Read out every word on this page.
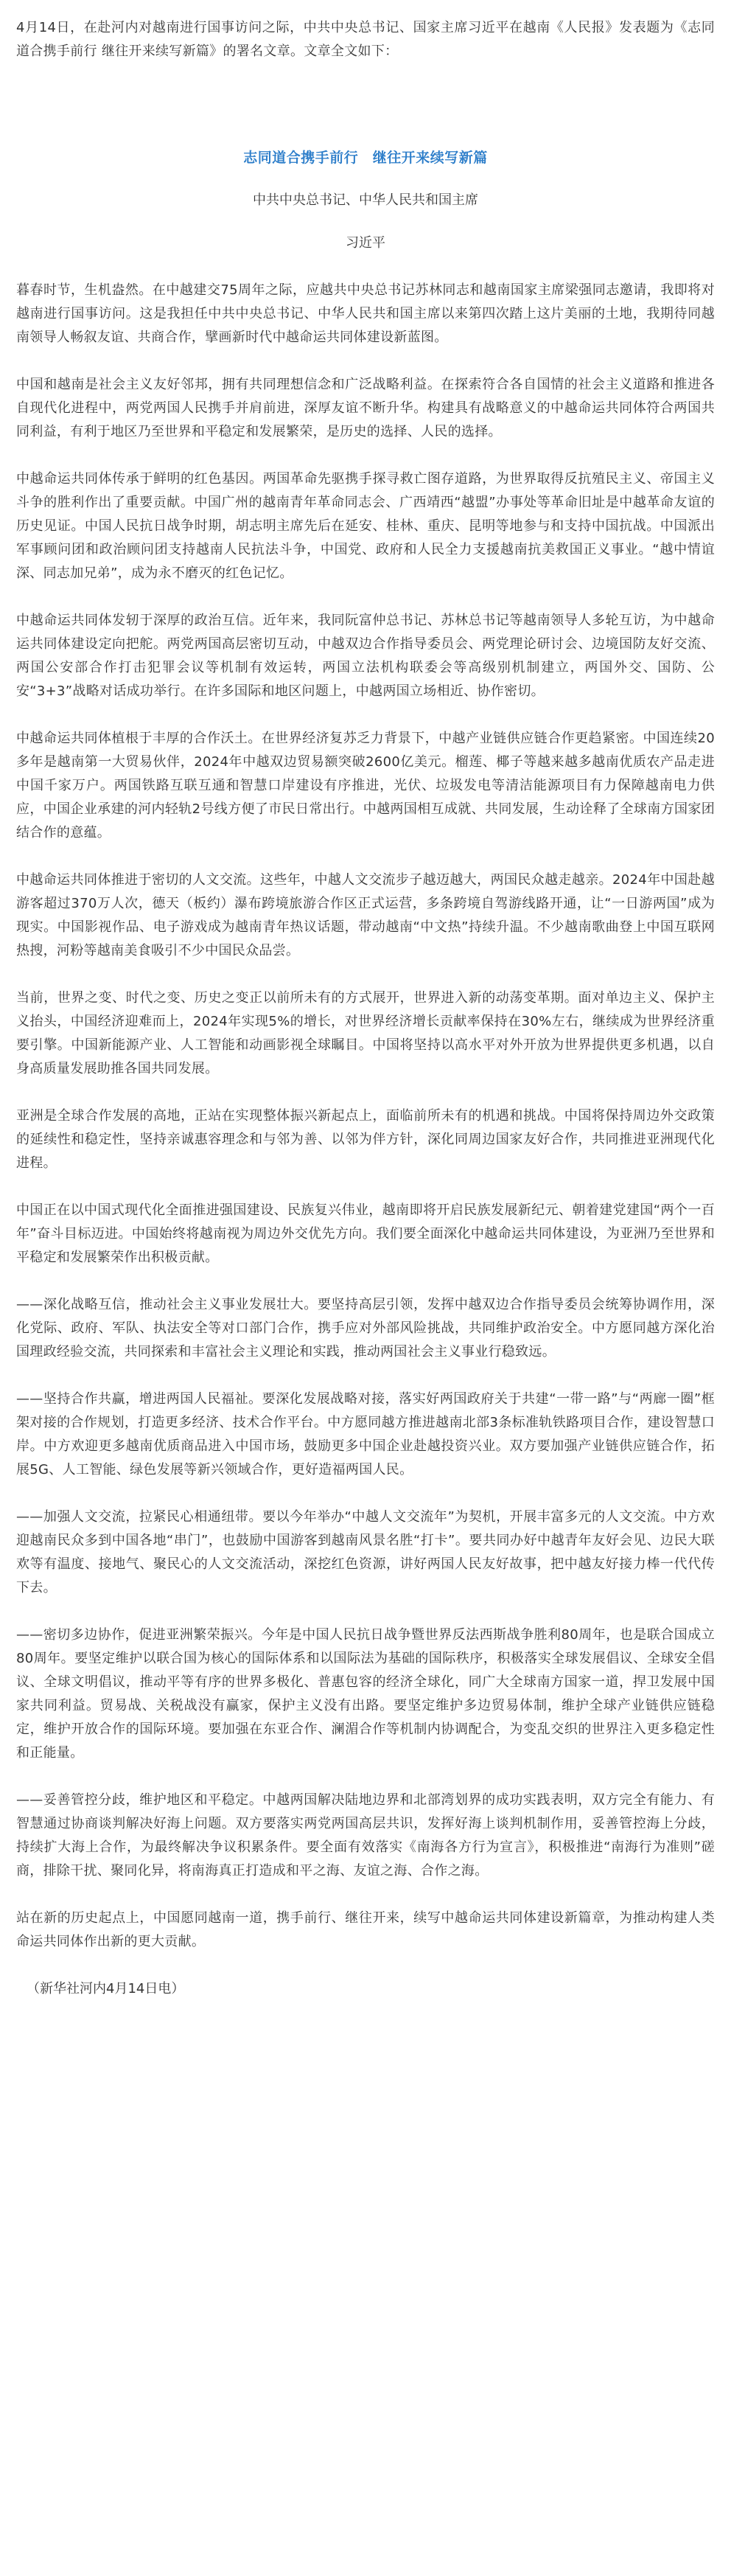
4月14日，在赴河内对越南进行国事访问之际，中共中央总书记、国家主席习近平在越南《人民报》发表题为《志同道合携手前行 继往开来续写新篇》的署名文章。文章全文如下：

志同道合携手前行　继往开来续写新篇
中共中央总书记、中华人民共和国主席
习近平

暮春时节，生机盎然。在中越建交75周年之际，应越共中央总书记苏林同志和越南国家主席梁强同志邀请，我即将对越南进行国事访问。这是我担任中共中央总书记、中华人民共和国主席以来第四次踏上这片美丽的土地，我期待同越南领导人畅叙友谊、共商合作，擘画新时代中越命运共同体建设新蓝图。

中国和越南是社会主义友好邻邦，拥有共同理想信念和广泛战略利益。在探索符合各自国情的社会主义道路和推进各自现代化进程中，两党两国人民携手并肩前进，深厚友谊不断升华。构建具有战略意义的中越命运共同体符合两国共同利益，有利于地区乃至世界和平稳定和发展繁荣，是历史的选择、人民的选择。

中越命运共同体传承于鲜明的红色基因。两国革命先驱携手探寻救亡图存道路，为世界取得反抗殖民主义、帝国主义斗争的胜利作出了重要贡献。中国广州的越南青年革命同志会、广西靖西“越盟”办事处等革命旧址是中越革命友谊的历史见证。中国人民抗日战争时期，胡志明主席先后在延安、桂林、重庆、昆明等地参与和支持中国抗战。中国派出军事顾问团和政治顾问团支持越南人民抗法斗争，中国党、政府和人民全力支援越南抗美救国正义事业。“越中情谊深、同志加兄弟”，成为永不磨灭的红色记忆。

中越命运共同体发轫于深厚的政治互信。近年来，我同阮富仲总书记、苏林总书记等越南领导人多轮互访，为中越命运共同体建设定向把舵。两党两国高层密切互动，中越双边合作指导委员会、两党理论研讨会、边境国防友好交流、两国公安部合作打击犯罪会议等机制有效运转，两国立法机构联委会等高级别机制建立，两国外交、国防、公安“3+3”战略对话成功举行。在许多国际和地区问题上，中越两国立场相近、协作密切。

中越命运共同体植根于丰厚的合作沃土。在世界经济复苏乏力背景下，中越产业链供应链合作更趋紧密。中国连续20多年是越南第一大贸易伙伴，2024年中越双边贸易额突破2600亿美元。榴莲、椰子等越来越多越南优质农产品走进中国千家万户。两国铁路互联互通和智慧口岸建设有序推进，光伏、垃圾发电等清洁能源项目有力保障越南电力供应，中国企业承建的河内轻轨2号线方便了市民日常出行。中越两国相互成就、共同发展，生动诠释了全球南方国家团结合作的意蕴。

中越命运共同体推进于密切的人文交流。这些年，中越人文交流步子越迈越大，两国民众越走越亲。2024年中国赴越游客超过370万人次，德天（板约）瀑布跨境旅游合作区正式运营，多条跨境自驾游线路开通，让“一日游两国”成为现实。中国影视作品、电子游戏成为越南青年热议话题，带动越南“中文热”持续升温。不少越南歌曲登上中国互联网热搜，河粉等越南美食吸引不少中国民众品尝。

当前，世界之变、时代之变、历史之变正以前所未有的方式展开，世界进入新的动荡变革期。面对单边主义、保护主义抬头，中国经济迎难而上，2024年实现5%的增长，对世界经济增长贡献率保持在30%左右，继续成为世界经济重要引擎。中国新能源产业、人工智能和动画影视全球瞩目。中国将坚持以高水平对外开放为世界提供更多机遇，以自身高质量发展助推各国共同发展。

亚洲是全球合作发展的高地，正站在实现整体振兴新起点上，面临前所未有的机遇和挑战。中国将保持周边外交政策的延续性和稳定性，坚持亲诚惠容理念和与邻为善、以邻为伴方针，深化同周边国家友好合作，共同推进亚洲现代化进程。

中国正在以中国式现代化全面推进强国建设、民族复兴伟业，越南即将开启民族发展新纪元、朝着建党建国“两个一百年”奋斗目标迈进。中国始终将越南视为周边外交优先方向。我们要全面深化中越命运共同体建设，为亚洲乃至世界和平稳定和发展繁荣作出积极贡献。

——深化战略互信，推动社会主义事业发展壮大。要坚持高层引领，发挥中越双边合作指导委员会统筹协调作用，深化党际、政府、军队、执法安全等对口部门合作，携手应对外部风险挑战，共同维护政治安全。中方愿同越方深化治国理政经验交流，共同探索和丰富社会主义理论和实践，推动两国社会主义事业行稳致远。

——坚持合作共赢，增进两国人民福祉。要深化发展战略对接，落实好两国政府关于共建“一带一路”与“两廊一圈”框架对接的合作规划，打造更多经济、技术合作平台。中方愿同越方推进越南北部3条标准轨铁路项目合作，建设智慧口岸。中方欢迎更多越南优质商品进入中国市场，鼓励更多中国企业赴越投资兴业。双方要加强产业链供应链合作，拓展5G、人工智能、绿色发展等新兴领域合作，更好造福两国人民。

——加强人文交流，拉紧民心相通纽带。要以今年举办“中越人文交流年”为契机，开展丰富多元的人文交流。中方欢迎越南民众多到中国各地“串门”，也鼓励中国游客到越南风景名胜“打卡”。要共同办好中越青年友好会见、边民大联欢等有温度、接地气、聚民心的人文交流活动，深挖红色资源，讲好两国人民友好故事，把中越友好接力棒一代代传下去。

——密切多边协作，促进亚洲繁荣振兴。今年是中国人民抗日战争暨世界反法西斯战争胜利80周年，也是联合国成立80周年。要坚定维护以联合国为核心的国际体系和以国际法为基础的国际秩序，积极落实全球发展倡议、全球安全倡议、全球文明倡议，推动平等有序的世界多极化、普惠包容的经济全球化，同广大全球南方国家一道，捍卫发展中国家共同利益。贸易战、关税战没有赢家，保护主义没有出路。要坚定维护多边贸易体制，维护全球产业链供应链稳定，维护开放合作的国际环境。要加强在东亚合作、澜湄合作等机制内协调配合，为变乱交织的世界注入更多稳定性和正能量。

——妥善管控分歧，维护地区和平稳定。中越两国解决陆地边界和北部湾划界的成功实践表明，双方完全有能力、有智慧通过协商谈判解决好海上问题。双方要落实两党两国高层共识，发挥好海上谈判机制作用，妥善管控海上分歧，持续扩大海上合作，为最终解决争议积累条件。要全面有效落实《南海各方行为宣言》，积极推进“南海行为准则”磋商，排除干扰、聚同化异，将南海真正打造成和平之海、友谊之海、合作之海。

站在新的历史起点上，中国愿同越南一道，携手前行、继往开来，续写中越命运共同体建设新篇章，为推动构建人类命运共同体作出新的更大贡献。

（新华社河内4月14日电）
